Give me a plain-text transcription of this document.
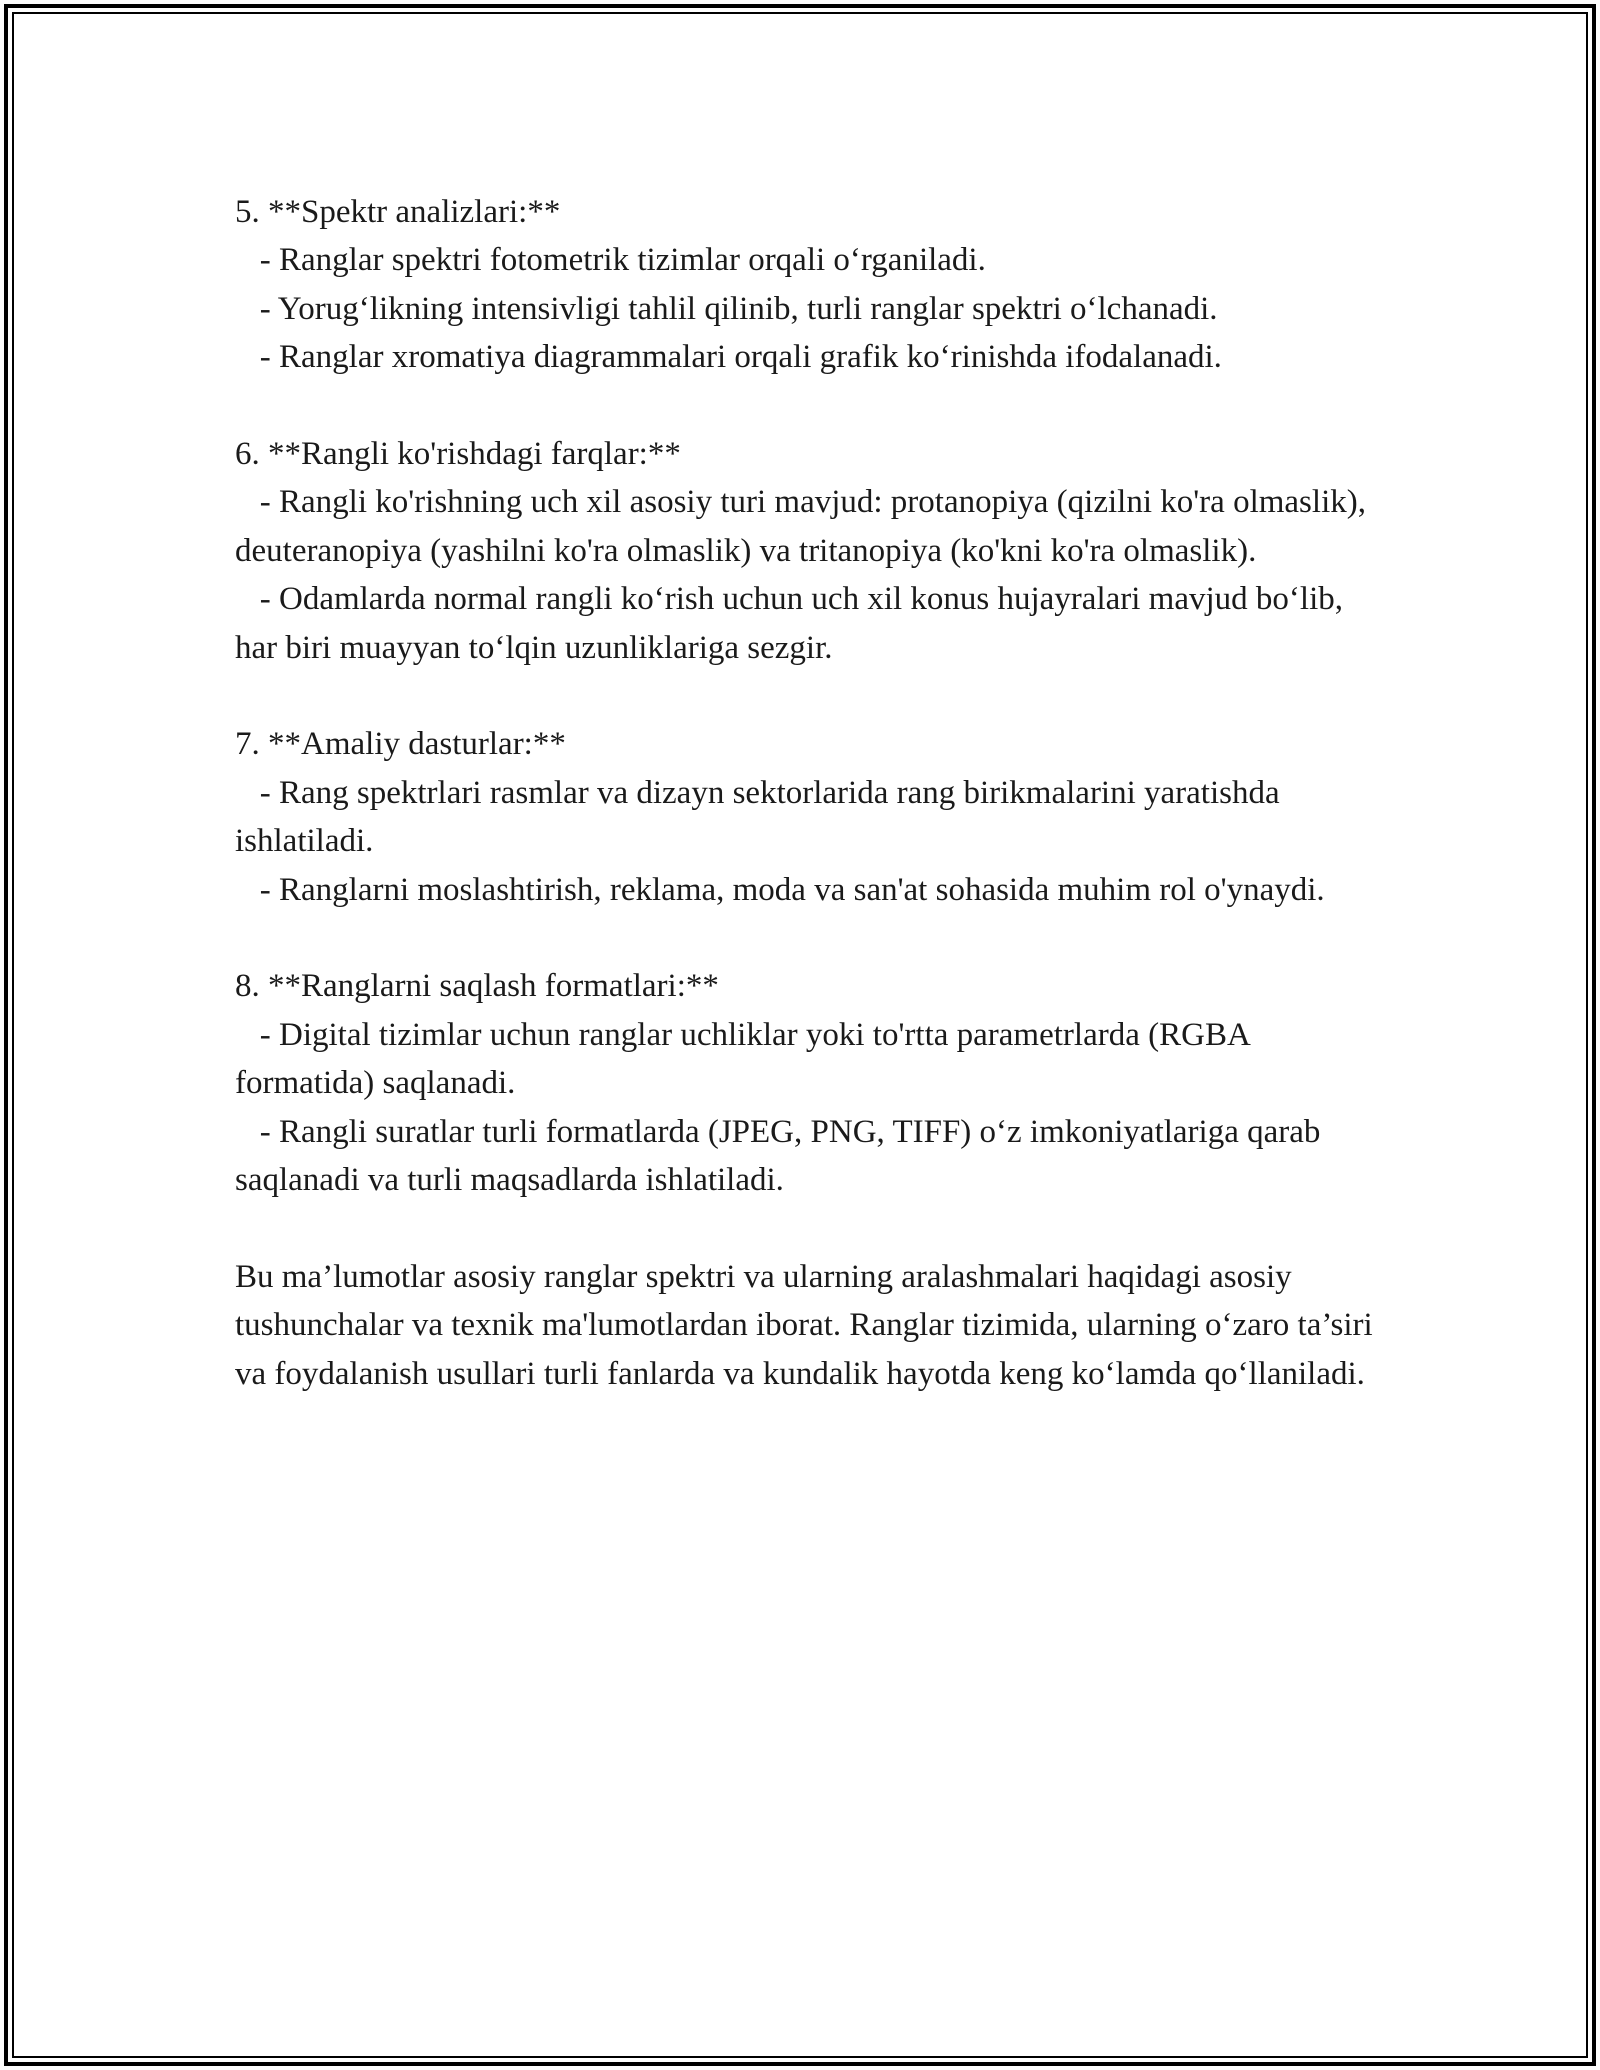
5. **Spektr analizlari:**

- Ranglar spektri fotometrik tizimlar orqali o‘rganiladi.

- Yorug‘likning intensivligi tahlil qilinib, turli ranglar spektri o‘lchanadi.

- Ranglar xromatiya diagrammalari orqali grafik ko‘rinishda ifodalanadi.

6. **Rangli ko'rishdagi farqlar:**

- Rangli ko'rishning uch xil asosiy turi mavjud: protanopiya (qizilni ko'ra olmaslik), deuteranopiya (yashilni ko'ra olmaslik) va tritanopiya (ko'kni ko'ra olmaslik).

- Odamlarda normal rangli ko‘rish uchun uch xil konus hujayralari mavjud bo‘lib, har biri muayyan to‘lqin uzunliklariga sezgir.

7. **Amaliy dasturlar:**

- Rang spektrlari rasmlar va dizayn sektorlarida rang birikmalarini yaratishda ishlatiladi.

- Ranglarni moslashtirish, reklama, moda va san'at sohasida muhim rol o'ynaydi.

8. **Ranglarni saqlash formatlari:**

- Digital tizimlar uchun ranglar uchliklar yoki to'rtta parametrlarda (RGBA formatida) saqlanadi.

- Rangli suratlar turli formatlarda (JPEG, PNG, TIFF) o‘z imkoniyatlariga qarab saqlanadi va turli maqsadlarda ishlatiladi.

Bu ma’lumotlar asosiy ranglar spektri va ularning aralashmalari haqidagi asosiy tushunchalar va texnik ma'lumotlardan iborat. Ranglar tizimida, ularning o‘zaro ta’siri va foydalanish usullari turli fanlarda va kundalik hayotda keng ko‘lamda qo‘llaniladi.
